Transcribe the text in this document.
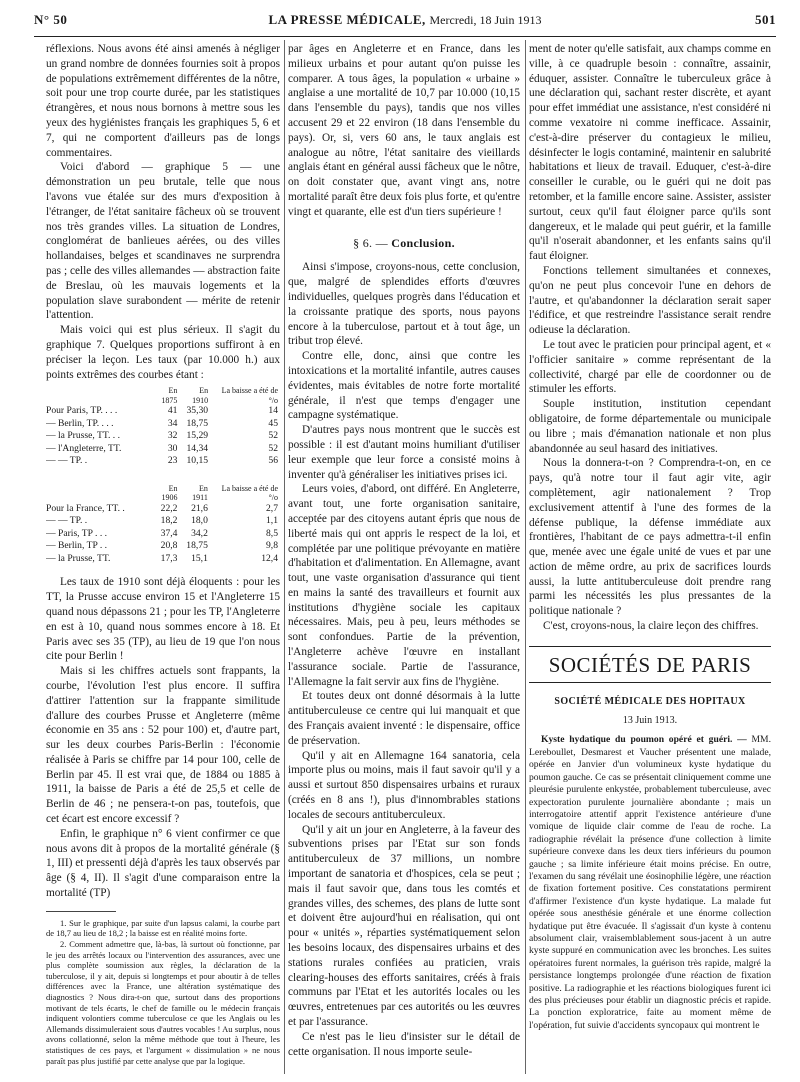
N° 50	LA PRESSE MÉDICALE, Mercredi, 18 Juin 1913	501

réflexions. Nous avons été ainsi amenés à négliger un grand nombre de données fournies soit à propos de populations extrêmement différentes de la nôtre, soit pour une trop courte durée, par les statistiques étrangères, et nous nous bornons à mettre sous les yeux des hygiénistes français les graphiques 5, 6 et 7, qui ne comportent d'ailleurs pas de longs commentaires.

Voici d'abord — graphique 5 — une démonstration un peu brutale, telle que nous l'avons vue étalée sur des murs d'exposition à l'étranger, de l'état sanitaire fâcheux où se trouvent nos très grandes villes. La situation de Londres, conglomérat de banlieues aérées, ou des villes hollandaises, belges et scandinaves ne surprendra pas ; celle des villes allemandes — abstraction faite de Breslau, où les mauvais logements et la population slave surabondent — mérite de retenir l'attention.

Mais voici qui est plus sérieux. Il s'agit du graphique 7. Quelques proportions suffiront à en préciser la leçon. Les taux (par 10.000 h.) aux points extrêmes des courbes étant :

	En 1875	En 1910	La baisse a été de °/o
Pour Paris, TP. . . .	41	35,30	14
— Berlin, TP. . . .	34	18,75	45
— la Prusse, TT. . .	32	15,29	52
— l'Angleterre, TT.	30	14,34	52
— — TP. .	23	10,15	56
	En 1906	En 1911	La baisse a été de °/o
Pour la France, TT. .	22,2	21,6	2,7
— — TP. .	18,2	18,0	1,1
— Paris, TP . . .	37,4	34,2	8,5
— Berlin, TP . .	20,8	18,75	9,8
— la Prusse, TT.	17,3	15,1	12,4

Les taux de 1910 sont déjà éloquents : pour les TT, la Prusse accuse environ 15 et l'Angleterre 15 quand nous dépassons 21 ; pour les TP, l'Angleterre en est à 10, quand nous sommes encore à 18. Et Paris avec ses 35 (TP), au lieu de 19 que l'on nous cite pour Berlin !

Mais si les chiffres actuels sont frappants, la courbe, l'évolution l'est plus encore. Il suffira d'attirer l'attention sur la frappante similitude d'allure des courbes Prusse et Angleterre (même économie en 35 ans : 52 pour 100) et, d'autre part, sur les deux courbes Paris-Berlin : l'économie réalisée à Paris se chiffre par 14 pour 100, celle de Berlin par 45. Il est vrai que, de 1884 ou 1885 à 1911, la baisse de Paris a été de 25,5 et celle de Berlin de 46 ; ne pensera-t-on pas, toutefois, que cet écart est encore excessif ?

Enfin, le graphique n° 6 vient confirmer ce que nous avons dit à propos de la mortalité générale (§ 1, III) et pressenti déjà d'après les taux observés par âge (§ 4, II). Il s'agit d'une comparaison entre la mortalité (TP)

1. Sur le graphique, par suite d'un lapsus calami, la courbe part de 18,7 au lieu de 18,2 ; la baisse est en réalité moins forte.

2. Comment admettre que, là-bas, là surtout où fonctionne, par le jeu des arrêtés locaux ou l'intervention des assurances, avec une plus complète soumission aux règles, la déclaration de la tuberculose, il y ait, depuis si longtemps et pour aboutir à de telles différences avec la France, une altération systématique des diagnostics ? Nous dira-t-on que, surtout dans des proportions motivant de tels écarts, le chef de famille ou le médecin français indiquent volontiers comme tuberculose ce que les Anglais ou les Allemands dissimuleraient sous d'autres vocables ! Au surplus, nous avons collationné, selon la même méthode que tout à l'heure, les statistiques de ces pays, et l'argument « dissimulation » ne nous paraît pas plus justifié par cette analyse que par la logique.

par âges en Angleterre et en France, dans les milieux urbains et pour autant qu'on puisse les comparer. A tous âges, la population « urbaine » anglaise a une mortalité de 10,7 par 10.000 (10,15 dans l'ensemble du pays), tandis que nos villes accusent 29 et 22 environ (18 dans l'ensemble du pays). Or, si, vers 60 ans, le taux anglais est analogue au nôtre, l'état sanitaire des vieillards anglais étant en général aussi fâcheux que le nôtre, on doit constater que, avant vingt ans, notre mortalité paraît être deux fois plus forte, et qu'entre vingt et quarante, elle est d'un tiers supérieure !

§ 6. — Conclusion.

Ainsi s'impose, croyons-nous, cette conclusion, que, malgré de splendides efforts d'œuvres individuelles, quelques progrès dans l'éducation et la croissante pratique des sports, nous payons encore à la tuberculose, partout et à tout âge, un tribut trop élevé.

Contre elle, donc, ainsi que contre les intoxications et la mortalité infantile, autres causes évidentes, mais évitables de notre forte mortalité générale, il n'est que temps d'engager une campagne systématique.

D'autres pays nous montrent que le succès est possible : il est d'autant moins humiliant d'utiliser leur exemple que leur force a consisté moins à inventer qu'à généraliser les initiatives prises ici.

Leurs voies, d'abord, ont différé. En Angleterre, avant tout, une forte organisation sanitaire, acceptée par des citoyens autant épris que nous de liberté mais qui ont appris le respect de la loi, et complétée par une politique prévoyante en matière d'habitation et d'alimentation. En Allemagne, avant tout, une vaste organisation d'assurance qui tient en mains la santé des travailleurs et fournit aux institutions d'hygiène sociale les capitaux nécessaires. Mais, peu à peu, leurs méthodes se sont confondues. Partie de la prévention, l'Angleterre achève l'œuvre en installant l'assurance sociale. Partie de l'assurance, l'Allemagne la fait servir aux fins de l'hygiène.

Et toutes deux ont donné désormais à la lutte antituberculeuse ce centre qui lui manquait et que des Français avaient inventé : le dispensaire, office de préservation.

Qu'il y ait en Allemagne 164 sanatoria, cela importe plus ou moins, mais il faut savoir qu'il y a aussi et surtout 850 dispensaires urbains et ruraux (créés en 8 ans !), plus d'innombrables stations locales de secours antituberculeux.

Qu'il y ait un jour en Angleterre, à la faveur des subventions prises par l'Etat sur son fonds antituberculeux de 37 millions, un nombre important de sanatoria et d'hospices, cela se peut ; mais il faut savoir que, dans tous les comtés et grandes villes, des schemes, des plans de lutte sont et doivent être aujourd'hui en réalisation, qui ont pour « unités », réparties systématiquement selon les besoins locaux, des dispensaires urbains et des stations rurales confiées au praticien, vrais clearing-houses des efforts sanitaires, créés à frais communs par l'Etat et les autorités locales ou les œuvres, entretenues par ces autorités ou les œuvres et par l'assurance.

Ce n'est pas le lieu d'insister sur le détail de cette organisation. Il nous importe seule-

ment de noter qu'elle satisfait, aux champs comme en ville, à ce quadruple besoin : connaître, assainir, éduquer, assister. Connaître le tuberculeux grâce à une déclaration qui, sachant rester discrète, et ayant pour effet immédiat une assistance, n'est considéré ni comme vexatoire ni comme inefficace. Assainir, c'est-à-dire préserver du contagieux le milieu, désinfecter le logis contaminé, maintenir en salubrité habitations et lieux de travail. Eduquer, c'est-à-dire conseiller le curable, ou le guéri qui ne doit pas retomber, et la famille encore saine. Assister, assister surtout, ceux qu'il faut éloigner parce qu'ils sont dangereux, et le malade qui peut guérir, et la famille qu'il n'oserait abandonner, et les enfants sains qu'il faut éloigner.

Fonctions tellement simultanées et connexes, qu'on ne peut plus concevoir l'une en dehors de l'autre, et qu'abandonner la déclaration serait saper l'édifice, et que restreindre l'assistance serait rendre odieuse la déclaration.

Le tout avec le praticien pour principal agent, et « l'officier sanitaire » comme représentant de la collectivité, chargé par elle de coordonner ou de stimuler les efforts.

Souple institution, institution cependant obligatoire, de forme départementale ou municipale ou libre ; mais d'émanation nationale et non plus abandonnée au seul hasard des initiatives.

Nous la donnera-t-on ? Comprendra-t-on, en ce pays, qu'à notre tour il faut agir vite, agir complètement, agir nationalement ? Trop exclusivement attentif à l'une des formes de la défense publique, la défense immédiate aux frontières, l'habitant de ce pays admettra-t-il enfin que, menée avec une égale unité de vues et par une action de même ordre, au prix de sacrifices lourds aussi, la lutte antituberculeuse doit prendre rang parmi les nécessités les plus pressantes de la politique nationale ?

C'est, croyons-nous, la claire leçon des chiffres.

SOCIÉTÉS DE PARIS
SOCIÉTÉ MÉDICALE DES HOPITAUX
13 Juin 1913.

Kyste hydatique du poumon opéré et guéri. — MM. Lereboullet, Desmarest et Vaucher présentent une malade, opérée en Janvier d'un volumineux kyste hydatique du poumon gauche. Ce cas se présentait cliniquement comme une pleurésie purulente enkystée, probablement tuberculeuse, avec expectoration purulente journalière abondante ; mais un interrogatoire attentif apprit l'existence antérieure d'une vomique de liquide clair comme de l'eau de roche. La radiographie révélait la présence d'une collection à limite supérieure convexe dans les deux tiers inférieurs du poumon gauche ; sa limite inférieure était moins précise. En outre, l'examen du sang révélait une éosinophilie légère, une réaction de fixation fortement positive. Ces constatations permirent d'affirmer l'existence d'un kyste hydatique. La malade fut opérée sous anesthésie générale et une énorme collection hydatique put être évacuée. Il s'agissait d'un kyste à contenu absolument clair, vraisemblablement sous-jacent à un autre kyste suppuré en communication avec les bronches. Les suites opératoires furent normales, la guérison très rapide, malgré la persistance longtemps prolongée d'une réaction de fixation positive. La radiographie et les réactions biologiques furent ici des plus précieuses pour établir un diagnostic précis et rapide. La ponction exploratrice, faite au moment même de l'opération, fut suivie d'accidents syncopaux qui montrent le
